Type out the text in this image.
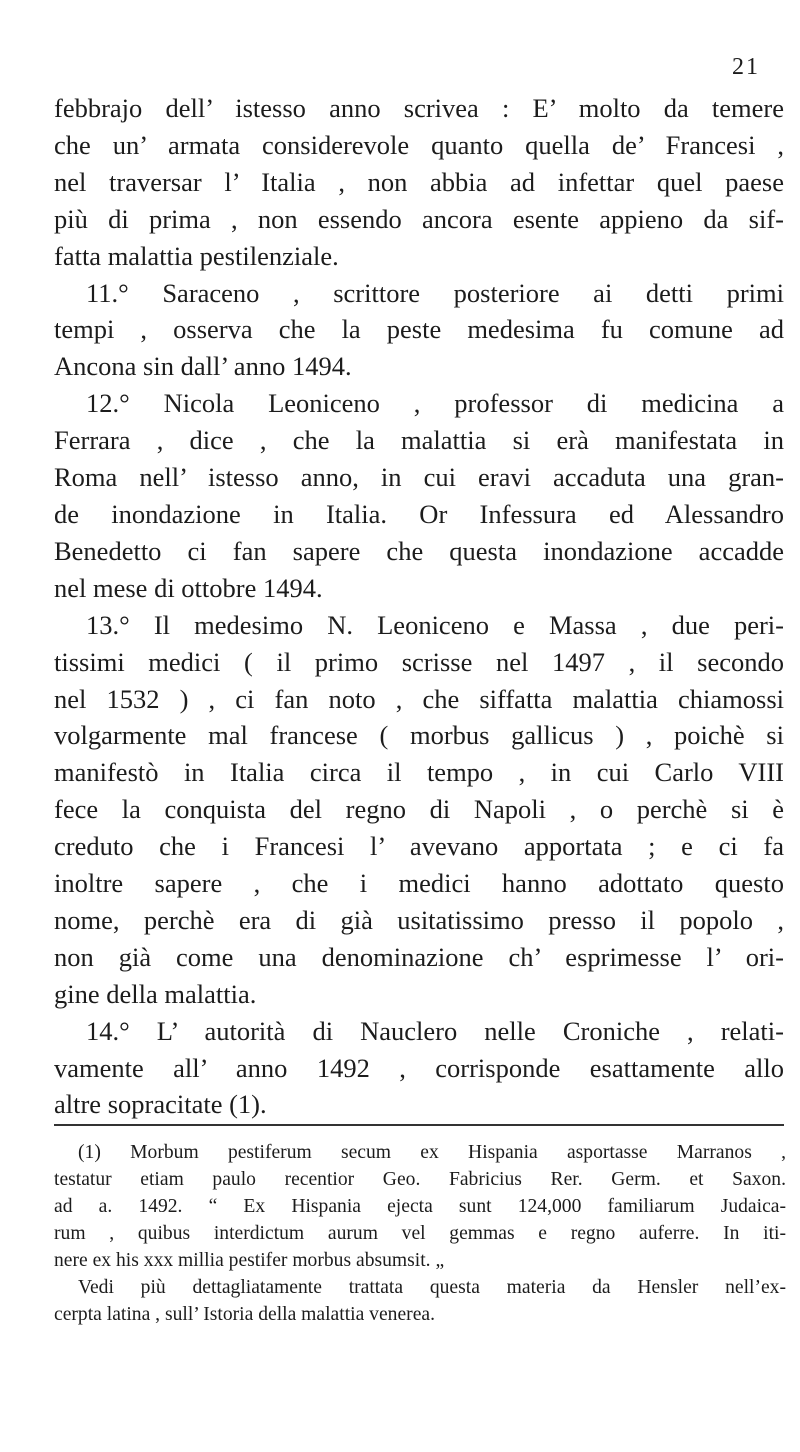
21
febbrajo dell’ istesso anno scrivea : E’ molto da temere
che un’ armata considerevole quanto quella de’ Francesi ,
nel traversar l’ Italia , non abbia ad infettar quel paese
più di prima , non essendo ancora esente appieno da sif-
fatta malattia pestilenziale.
11.° Saraceno , scrittore posteriore ai detti primi
tempi , osserva che la peste medesima fu comune ad
Ancona sin dall’ anno 1494.
12.° Nicola Leoniceno , professor di medicina a
Ferrara , dice , che la malattia si erà manifestata in
Roma nell’ istesso anno, in cui eravi accaduta una gran-
de inondazione in Italia. Or Infessura ed Alessandro
Benedetto ci fan sapere che questa inondazione accadde
nel mese di ottobre 1494.
13.° Il medesimo N. Leoniceno e Massa , due peri-
tissimi medici ( il primo scrisse nel 1497 , il secondo
nel 1532 ) , ci fan noto , che siffatta malattia chiamossi
volgarmente mal francese ( morbus gallicus ) , poichè si
manifestò in Italia circa il tempo , in cui Carlo VIII
fece la conquista del regno di Napoli , o perchè si è
creduto che i Francesi l’ avevano apportata ; e ci fa
inoltre sapere , che i medici hanno adottato questo
nome, perchè era di già usitatissimo presso il popolo ,
non già come una denominazione ch’ esprimesse l’ ori-
gine della malattia.
14.° L’ autorità di Nauclero nelle Croniche , relati-
vamente all’ anno 1492 , corrisponde esattamente allo
altre sopracitate (1).
(1) Morbum pestiferum secum ex Hispania asportasse Marranos ,
testatur etiam paulo recentior Geo. Fabricius Rer. Germ. et Saxon.
ad a. 1492. “ Ex Hispania ejecta sunt 124,000 familiarum Judaica-
rum , quibus interdictum aurum vel gemmas e regno auferre. In iti-
nere ex his xxx millia pestifer morbus absumsit. „
Vedi più dettagliatamente trattata questa materia da Hensler nell’ex-
cerpta latina , sull’ Istoria della malattia venerea.
